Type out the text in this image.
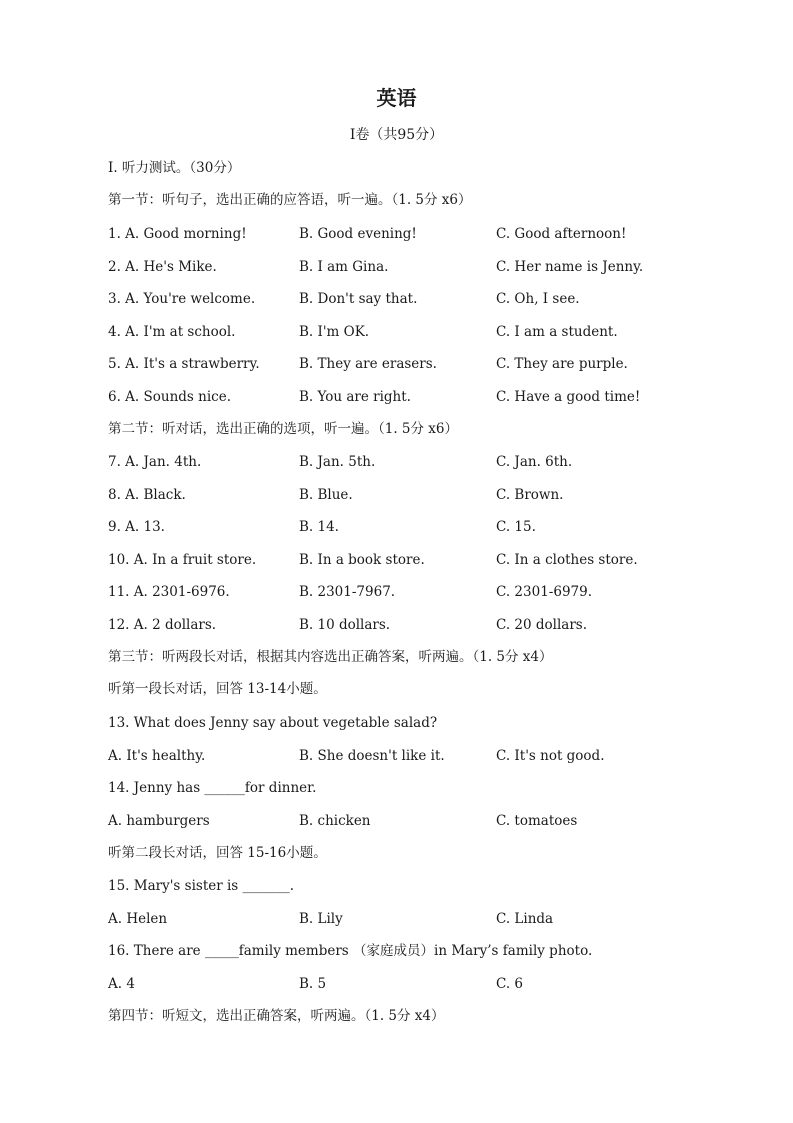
英语
I卷（共95分）
I. 听力测试。（30分）
第一节：听句子，选出正确的应答语，听一遍。（1. 5分 x6）
1. A. Good morning!	B. Good evening!	C. Good afternoon!
2. A. He's Mike.	B. I am Gina.	C. Her name is Jenny.
3. A. You're welcome.	B. Don't say that.	C. Oh, I see.
4. A. I'm at school.	B. I'm OK.	C. I am a student.
5. A. It's a strawberry.	B. They are erasers.	C. They are purple.
6. A. Sounds nice.	B. You are right.	C. Have a good time!
第二节：听对话，选出正确的选项，听一遍。（1. 5分 x6）
7. A. Jan. 4th.	B. Jan. 5th.	C. Jan. 6th.
8. A. Black.	B. Blue.	C. Brown.
9. A. 13.	B. 14.	C. 15.
10. A. In a fruit store.	B. In a book store.	C. In a clothes store.
11. A. 2301-6976.	B. 2301-7967.	C. 2301-6979.
12. A. 2 dollars.	B. 10 dollars.	C. 20 dollars.
第三节：听两段长对话，根据其内容选出正确答案，听两遍。（1. 5分 x4）
听第一段长对话，回答 13-14小题。
13. What does Jenny say about vegetable salad?
A. It's healthy.	B. She doesn't like it.	C. It's not good.
14. Jenny has ______for dinner.
A. hamburgers	B. chicken	C. tomatoes
听第二段长对话，回答 15-16小题。
15. Mary's sister is _______.
A. Helen	B. Lily	C. Linda
16. There are _____family members （家庭成员）in Mary’s family photo.
A. 4	B. 5	C. 6
第四节：听短文，选出正确答案，听两遍。（1. 5分 x4）
